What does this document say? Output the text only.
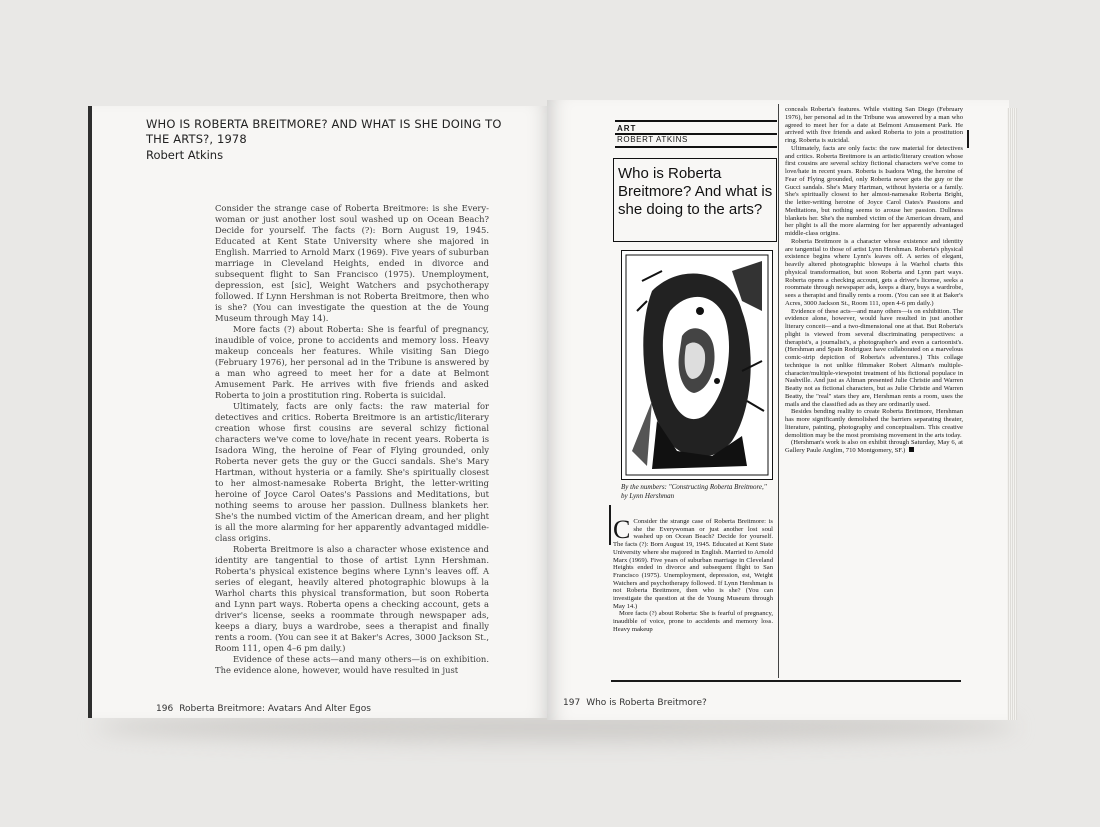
WHO IS ROBERTA BREITMORE? AND WHAT IS SHE DOING TO THE ARTS?, 1978
Robert Atkins

Consider the strange case of Roberta Breitmore: is she Every-woman or just another lost soul washed up on Ocean Beach? Decide for yourself. The facts (?): Born August 19, 1945. Educated at Kent State University where she majored in English. Married to Arnold Marx (1969). Five years of suburban marriage in Cleveland Heights, ended in divorce and subsequent flight to San Francisco (1975). Unemployment, depression, est [sic], Weight Watchers and psychotherapy followed. If Lynn Hershman is not Roberta Breitmore, then who is she? (You can investigate the question at the de Young Museum through May 14).

More facts (?) about Roberta: She is fearful of pregnancy, inaudible of voice, prone to accidents and memory loss. Heavy makeup conceals her features. While visiting San Diego (February 1976), her personal ad in the Tribune is answered by a man who agreed to meet her for a date at Belmont Amusement Park. He arrives with five friends and asked Roberta to join a prostitution ring. Roberta is suicidal.

Ultimately, facts are only facts: the raw material for detectives and critics. Roberta Breitmore is an artistic/literary creation whose first cousins are several schizy fictional characters we've come to love/hate in recent years. Roberta is Isadora Wing, the heroine of Fear of Flying grounded, only Roberta never gets the guy or the Gucci sandals. She's Mary Hartman, without hysteria or a family. She's spiritually closest to her almost-namesake Roberta Bright, the letter-writing heroine of Joyce Carol Oates's Passions and Meditations, but nothing seems to arouse her passion. Dullness blankets her. She's the numbed victim of the American dream, and her plight is all the more alarming for her apparently advantaged middle-class origins.

Roberta Breitmore is also a character whose existence and identity are tangential to those of artist Lynn Hershman. Roberta's physical existence begins where Lynn's leaves off. A series of elegant, heavily altered photographic blowups à la Warhol charts this physical transformation, but soon Roberta and Lynn part ways. Roberta opens a checking account, gets a driver's license, seeks a roommate through newspaper ads, keeps a diary, buys a wardrobe, sees a therapist and finally rents a room. (You can see it at Baker's Acres, 3000 Jackson St., Room 111, open 4–6 pm daily.)

Evidence of these acts—and many others—is on exhibition. The evidence alone, however, would have resulted in just

196 Roberta Breitmore: Avatars And Alter Egos
ART
ROBERT ATKINS
Who is Roberta Breitmore? And what is she doing to the arts?
By the numbers: "Constructing Roberta Breitmore," by Lynn Hershman
C Consider the strange case of Roberta Breitmore: is she the Everywoman or just another lost soul washed up on Ocean Beach? Decide for yourself. The facts (?): Born August 19, 1945. Educated at Kent State University where she majored in English. Married to Arnold Marx (1969). Five years of suburban marriage in Cleveland Heights ended in divorce and subsequent flight to San Francisco (1975). Unemployment, depression, est, Weight Watchers and psychotherapy followed. If Lynn Hershman is not Roberta Breitmore, then who is she? (You can investigate the question at the de Young Museum through May 14.)

More facts (?) about Roberta: She is fearful of pregnancy, inaudible of voice, prone to accidents and memory loss. Heavy makeup

conceals Roberta's features. While visiting San Diego (February 1976), her personal ad in the Tribune was answered by a man who agreed to meet her for a date at Belmont Amusement Park. He arrived with five friends and asked Roberta to join a prostitution ring. Roberta is suicidal.

Ultimately, facts are only facts: the raw material for detectives and critics. Roberta Breitmore is an artistic/literary creation whose first cousins are several schizy fictional characters we've come to love/hate in recent years. Roberta is Isadora Wing, the heroine of Fear of Flying grounded, only Roberta never gets the guy or the Gucci sandals. She's Mary Hartman, without hysteria or a family. She's spiritually closest to her almost-namesake Roberta Bright, the letter-writing heroine of Joyce Carol Oates's Passions and Meditations, but nothing seems to arouse her passion. Dullness blankets her. She's the numbed victim of the American dream, and her plight is all the more alarming for her apparently advantaged middle-class origins.

Roberta Breitmore is a character whose existence and identity are tangential to those of artist Lynn Hershman. Roberta's physical existence begins where Lynn's leaves off. A series of elegant, heavily altered photographic blowups à la Warhol charts this physical transformation, but soon Roberta and Lynn part ways. Roberta opens a checking account, gets a driver's license, seeks a roommate through newspaper ads, keeps a diary, buys a wardrobe, sees a therapist and finally rents a room. (You can see it at Baker's Acres, 3000 Jackson St., Room 111, open 4-6 pm daily.)

Evidence of these acts—and many others—is on exhibition. The evidence alone, however, would have resulted in just another literary conceit—and a two-dimensional one at that. But Roberta's plight is viewed from several discriminating perspectives: a therapist's, a journalist's, a photographer's and even a cartoonist's. (Hershman and Spain Rodriguez have collaborated on a marvelous comic-strip depiction of Roberta's adventures.) This collage technique is not unlike filmmaker Robert Altman's multiple-character/multiple-viewpoint treatment of his fictional populace in Nashville. And just as Altman presented Julie Christie and Warren Beatty not as fictional characters, but as Julie Christie and Warren Beatty, the "real" stars they are, Hershman rents a room, uses the mails and the classified ads as they are ordinarily used.

Besides bending reality to create Roberta Breitmore, Hershman has more significantly demolished the barriers separating theater, literature, painting, photography and conceptualism. This creative demolition may be the most promising movement in the arts today.

(Hershman's work is also on exhibit through Saturday, May 6, at Gallery Paule Anglim, 710 Montgomery, SF.)

197 Who is Roberta Breitmore?
